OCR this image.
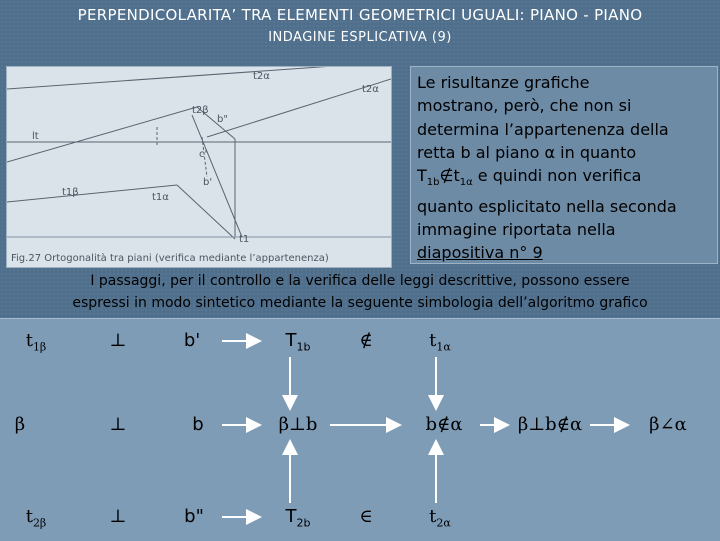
PERPENDICOLARITA’ TRA ELEMENTI GEOMETRICI UGUALI: PIANO - PIANO
INDAGINE ESPLICATIVA (9)
t2α
t2α
t2β
b"
lt
c'
b'
t1β	t1α
t1
Fig.27 Ortogonalità tra piani (verifica mediante l’appartenenza)

Le risultanze grafiche

mostrano, però, che non si

determina l’appartenenza della

retta b al piano α in quanto

$T_{1b}\notin t_{1\alpha}$ e quindi non verifica

quanto esplicitato nella seconda

immagine riportata nella

diapositiva n° 9

I passaggi, per il controllo e la verifica delle leggi descrittive, possono essere
espressi in modo sintetico mediante la seguente simbologia dell’algoritmo grafico
$t_{1\beta}$	⊥	b'	$T_{1b}$	∉	$t_{1\alpha}$
β	⊥	b	β⊥b	b∉α	β⊥b∉α	β∠α
$t_{2\beta}$	⊥	b"	$T_{2b}$	∈	$t_{2\alpha}$
